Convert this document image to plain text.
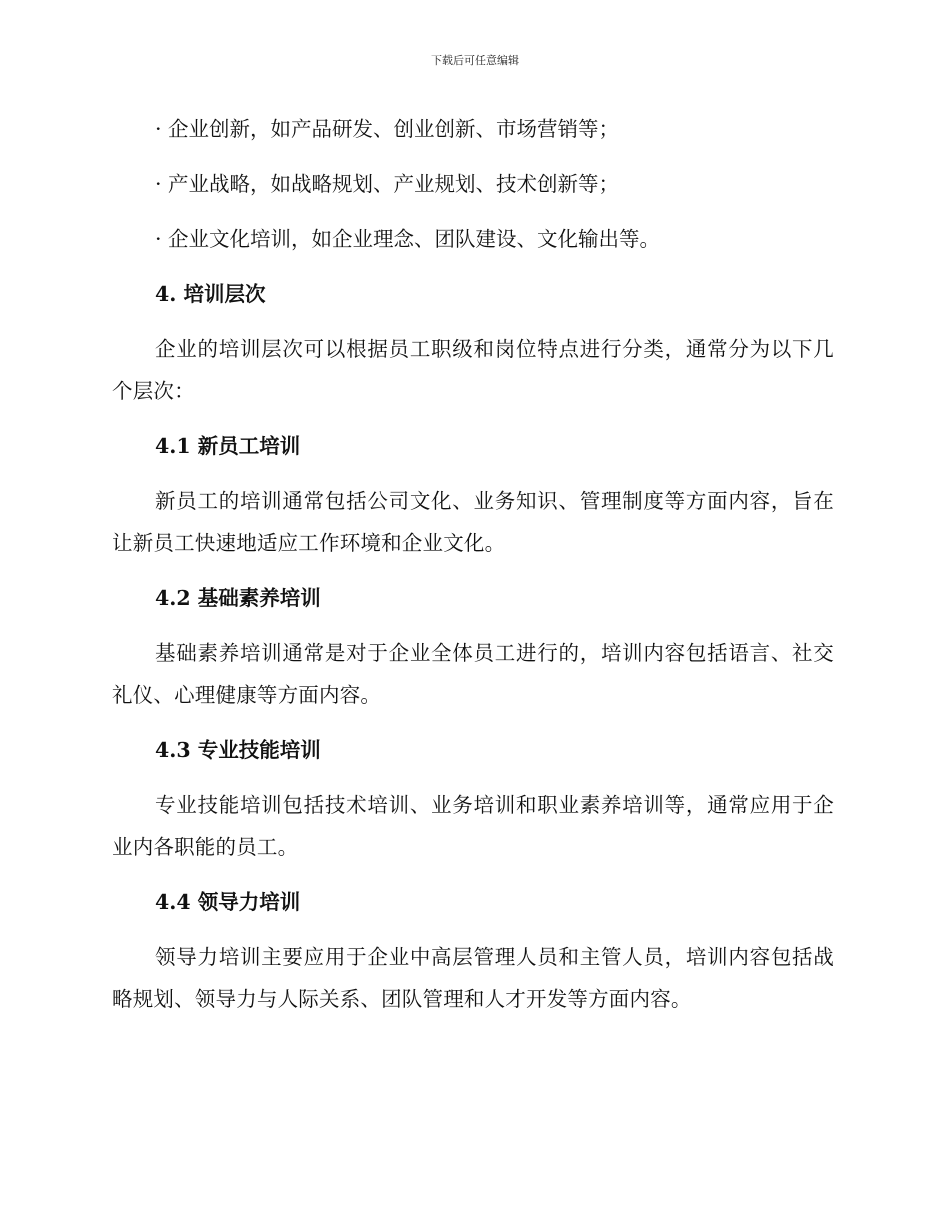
下载后可任意编辑

· 企业创新，如产品研发、创业创新、市场营销等；

· 产业战略，如战略规划、产业规划、技术创新等；

· 企业文化培训，如企业理念、团队建设、文化输出等。

4. 培训层次

企业的培训层次可以根据员工职级和岗位特点进行分类，通常分为以下几个层次：

4.1 新员工培训

新员工的培训通常包括公司文化、业务知识、管理制度等方面内容，旨在让新员工快速地适应工作环境和企业文化。

4.2 基础素养培训

基础素养培训通常是对于企业全体员工进行的，培训内容包括语言、社交礼仪、心理健康等方面内容。

4.3 专业技能培训

专业技能培训包括技术培训、业务培训和职业素养培训等，通常应用于企业内各职能的员工。

4.4 领导力培训

领导力培训主要应用于企业中高层管理人员和主管人员，培训内容包括战略规划、领导力与人际关系、团队管理和人才开发等方面内容。
